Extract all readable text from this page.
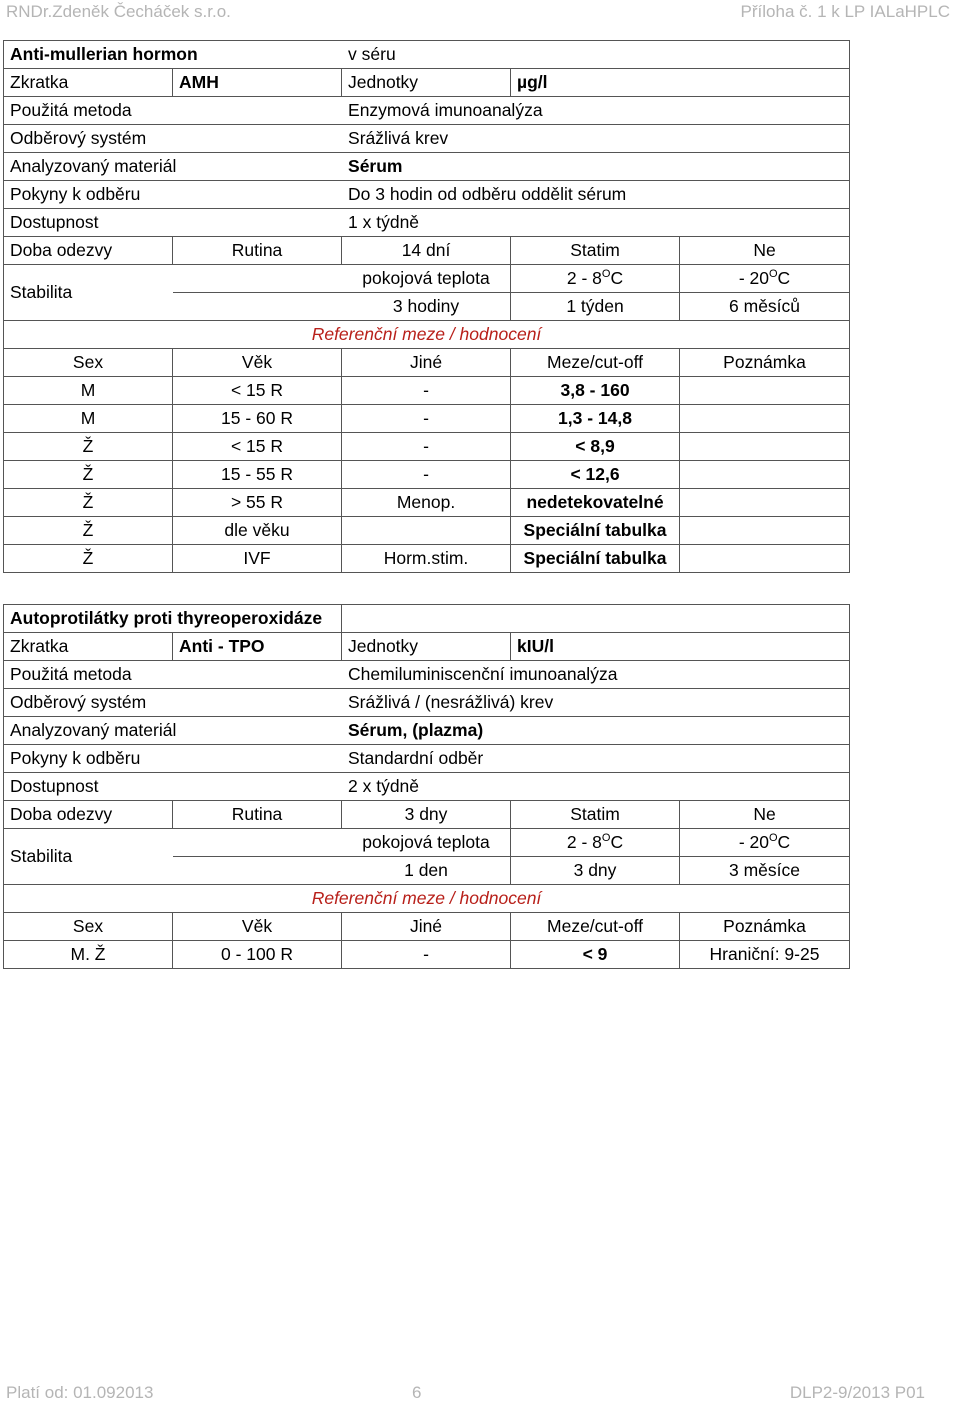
RNDr.Zdeněk Čecháček s.r.o.	Příloha č. 1 k LP IALaHPLC
Anti-mullerian hormon		v séru		
Zkratka	AMH	Jednotky	µg/l	
Použitá metoda		Enzymová imunoanalýza		
Odběrový systém		Srážlivá krev		
Analyzovaný materiál		Sérum		
Pokyny k odběru		Do 3 hodin od odběru oddělit sérum		
Dostupnost		1 x týdně		
Doba odezvy	Rutina	14 dní	Statim	Ne
Stabilita		pokojová teplota	$2 - 8^OC$	- $20^OC$
		3 hodiny	1 týden	6 měsíců
Referenční meze / hodnocení				
Sex	Věk	Jiné	Meze/cut-off	Poznámka
M	< 15 R	-	3,8 - 160	
M	15 - 60 R	-	1,3 - 14,8	
Ž	< 15 R	-	< 8,9	
Ž	15 - 55 R	-	< 12,6	
Ž	> 55 R	Menop.	nedetekovatelné	
Ž	dle věku		Speciální tabulka	
Ž	IVF	Horm.stim.	Speciální tabulka	
Autoprotilátky proti thyreoperoxidáze				
Zkratka	Anti - TPO	Jednotky	kIU/l	
Použitá metoda		Chemiluminiscenční imunoanalýza		
Odběrový systém		Srážlivá / (nesrážlivá) krev		
Analyzovaný materiál		Sérum, (plazma)		
Pokyny k odběru		Standardní odběr		
Dostupnost		2 x týdně		
Doba odezvy	Rutina	3 dny	Statim	Ne
Stabilita		pokojová teplota	$2 - 8^OC$	- $20^OC$
		1 den	3 dny	3 měsíce
Referenční meze / hodnocení				
Sex	Věk	Jiné	Meze/cut-off	Poznámka
M. Ž	0 - 100 R	-	< 9	Hraniční: 9-25
Platí od: 01.092013	6	DLP2-9/2013 P01
